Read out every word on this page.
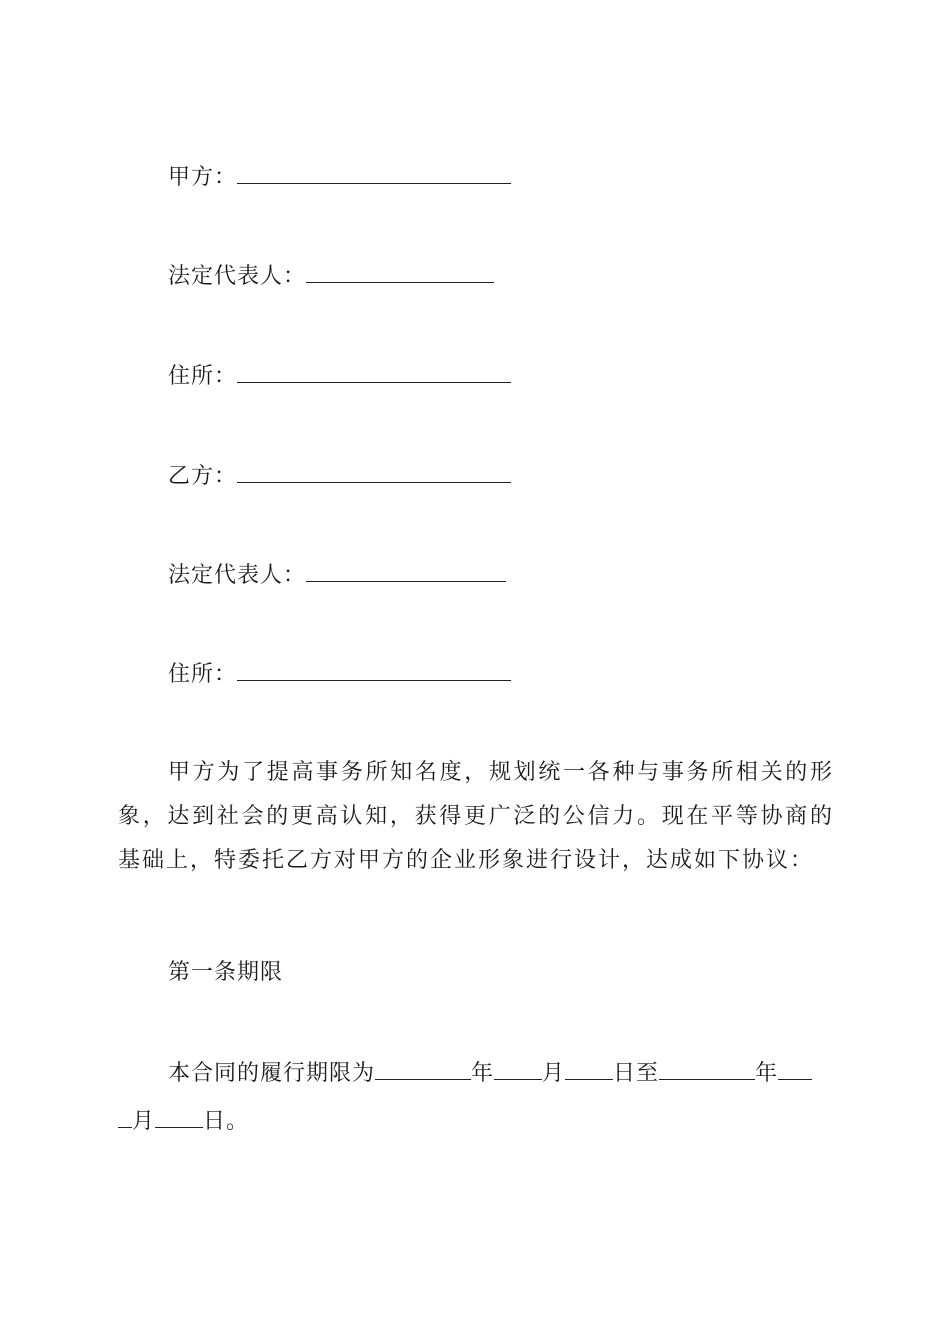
甲方：
法定代表人：
住所：
乙方：
法定代表人：
住所：
甲方为了提高事务所知名度，规划统一各种与事务所相关的形象，达到社会的更高认知，获得更广泛的公信力。现在平等协商的基础上，特委托乙方对甲方的企业形象进行设计，达成如下协议：
第一条期限
本合同的履行期限为	年 月 日至	年
月 日。
